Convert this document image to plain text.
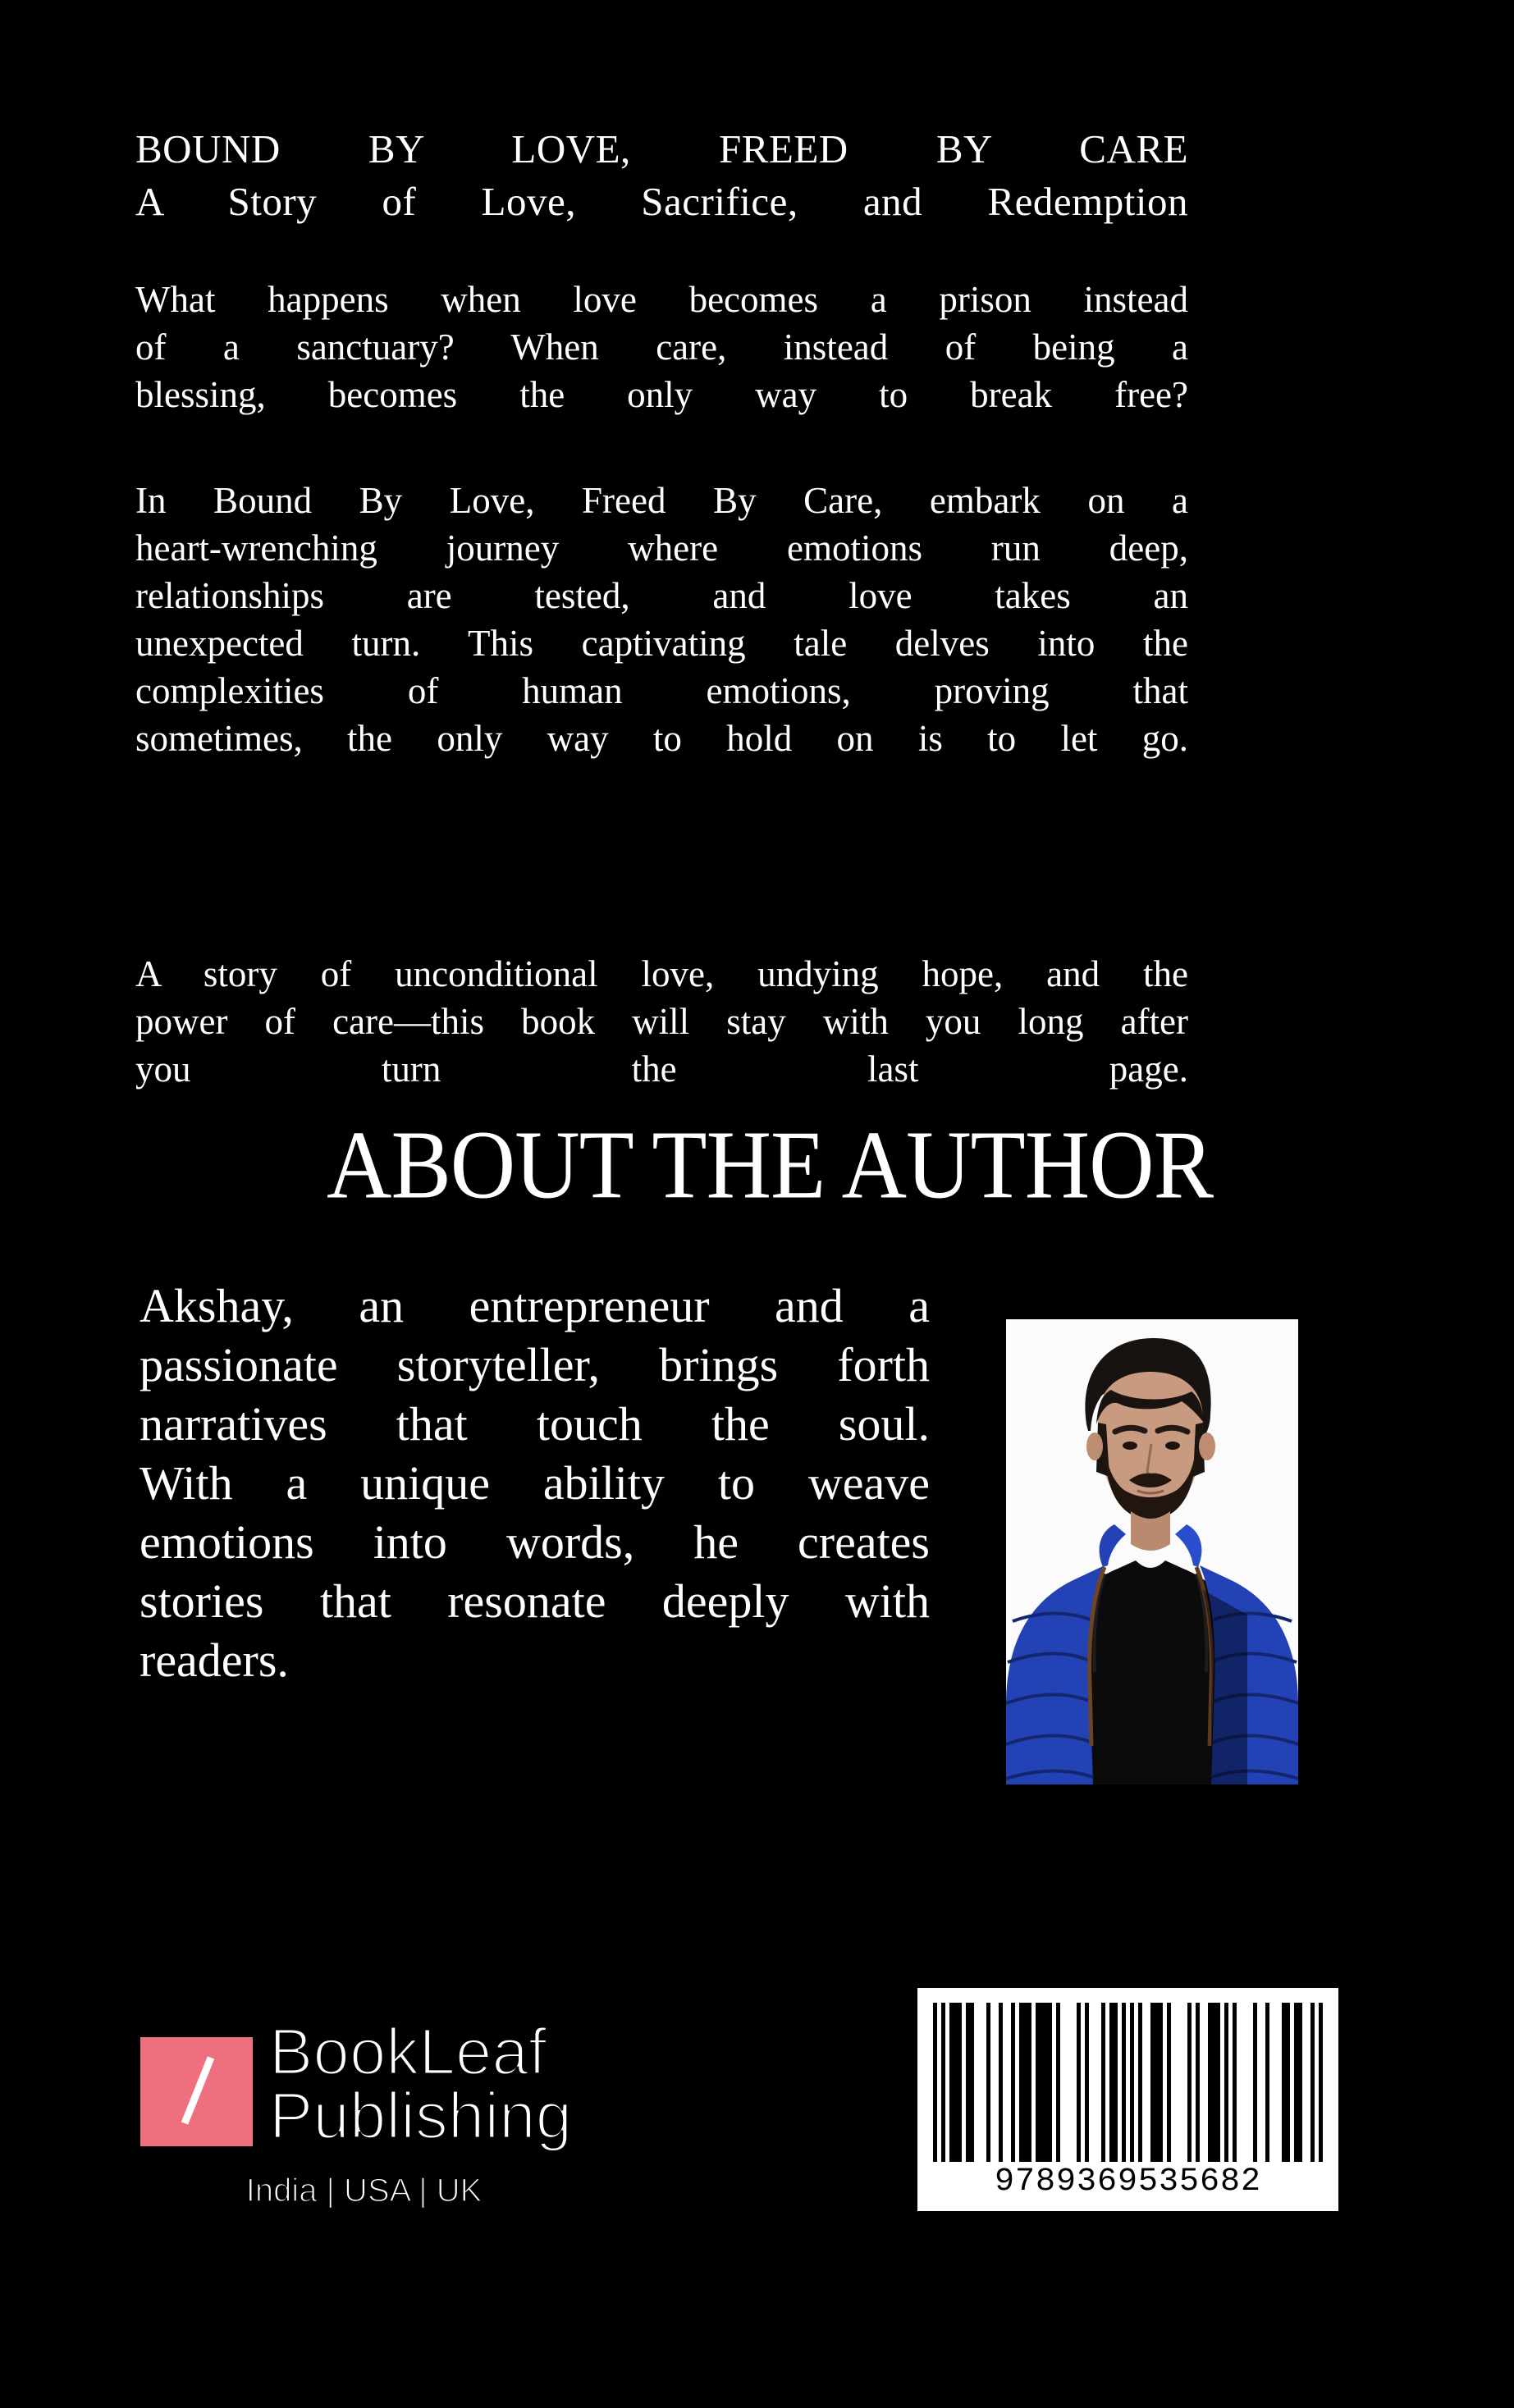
BOUND BY LOVE, FREED BY CARE
A Story of Love, Sacrifice, and Redemption
What happens when love becomes a prison instead
of a sanctuary? When care, instead of being a
blessing, becomes the only way to break free?
In Bound By Love, Freed By Care, embark on a
heart-wrenching journey where emotions run deep,
relationships are tested, and love takes an
unexpected turn. This captivating tale delves into the
complexities of human emotions, proving that
sometimes, the only way to hold on is to let go.
A story of unconditional love, undying hope, and the
power of care—this book will stay with you long after
you turn the last page.
ABOUT THE AUTHOR
Akshay, an entrepreneur and a
passionate storyteller, brings forth
narratives that touch the soul.
With a unique ability to weave
emotions into words, he creates
stories that resonate deeply with
readers.
BookLeaf
Publishing
India | USA | UK	9789369535682
